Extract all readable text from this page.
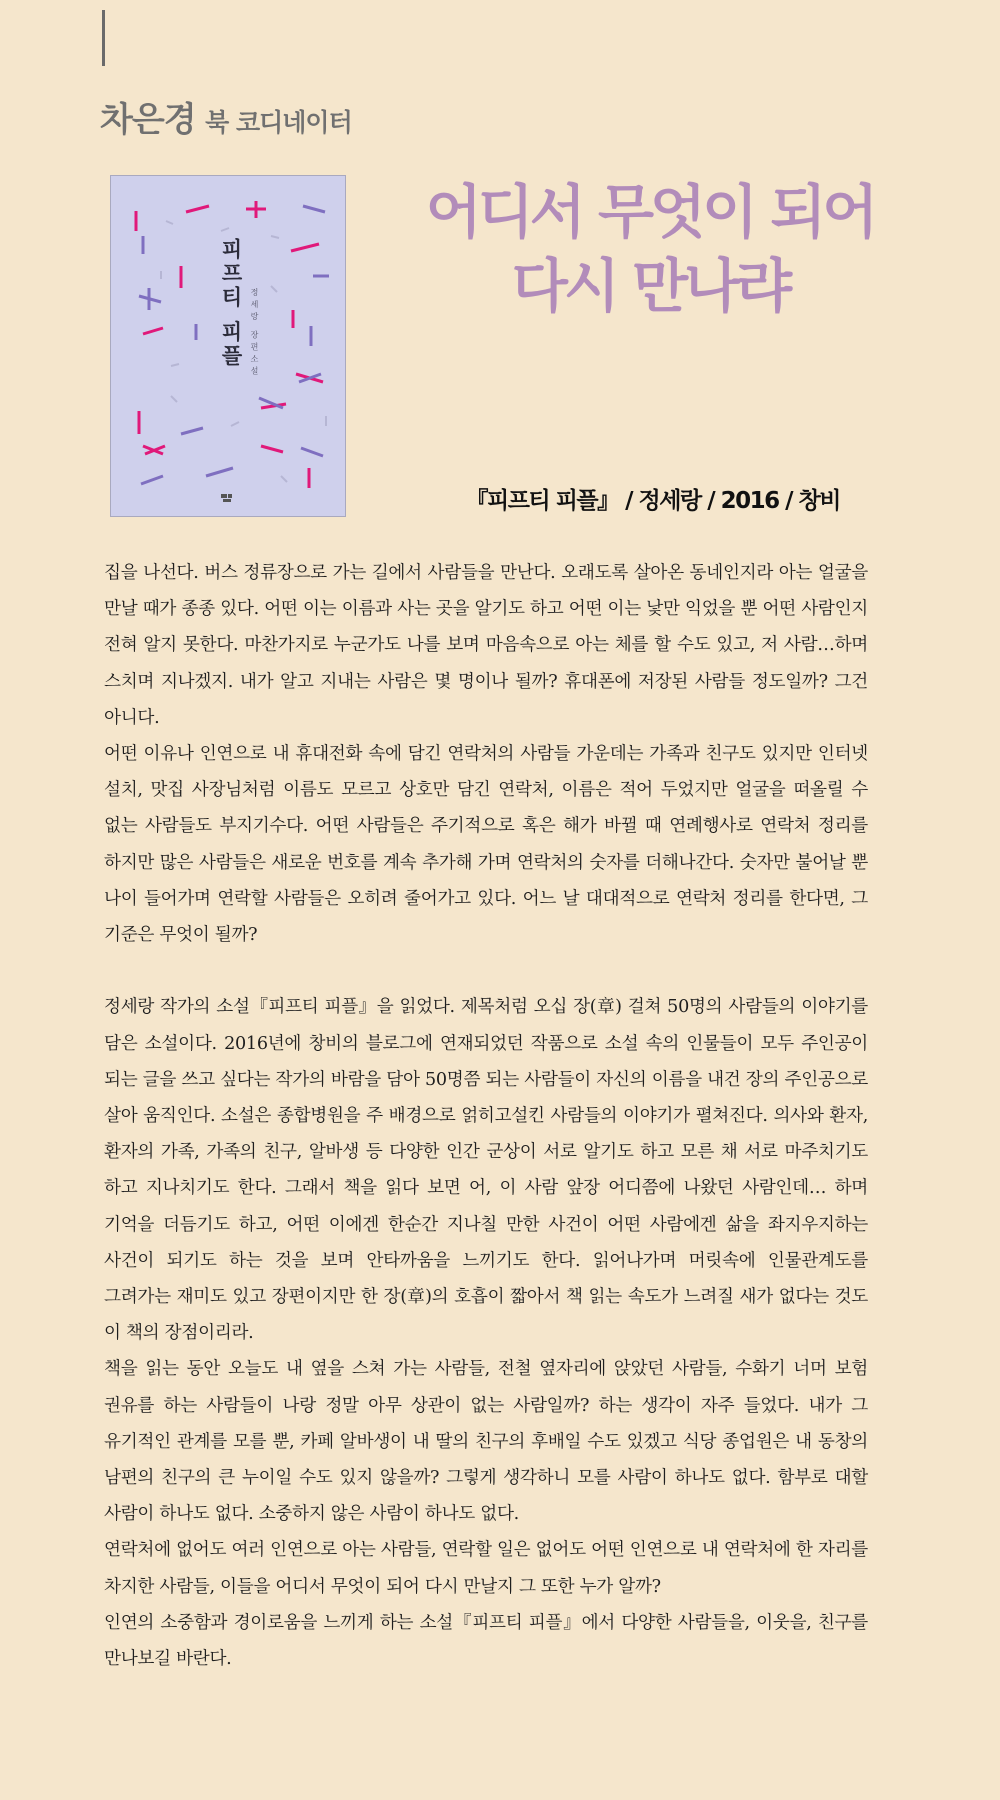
차은경 북 코디네이터
피프티 피플 정세랑 장편소설
어디서 무엇이 되어
다시 만나랴
『피프티 피플』 / 정세랑 / 2016 / 창비

집을 나선다. 버스 정류장으로 가는 길에서 사람들을 만난다. 오래도록 살아온 동네인지라 아는 얼굴을 만날 때가 종종 있다. 어떤 이는 이름과 사는 곳을 알기도 하고 어떤 이는 낯만 익었을 뿐 어떤 사람인지 전혀 알지 못한다. 마찬가지로 누군가도 나를 보며 마음속으로 아는 체를 할 수도 있고, 저 사람…하며 스치며 지나겠지. 내가 알고 지내는 사람은 몇 명이나 될까? 휴대폰에 저장된 사람들 정도일까? 그건 아니다.

어떤 이유나 인연으로 내 휴대전화 속에 담긴 연락처의 사람들 가운데는 가족과 친구도 있지만 인터넷 설치, 맛집 사장님처럼 이름도 모르고 상호만 담긴 연락처, 이름은 적어 두었지만 얼굴을 떠올릴 수 없는 사람들도 부지기수다. 어떤 사람들은 주기적으로 혹은 해가 바뀔 때 연례행사로 연락처 정리를 하지만 많은 사람들은 새로운 번호를 계속 추가해 가며 연락처의 숫자를 더해나간다. 숫자만 불어날 뿐 나이 들어가며 연락할 사람들은 오히려 줄어가고 있다. 어느 날 대대적으로 연락처 정리를 한다면, 그 기준은 무엇이 될까?

정세랑 작가의 소설『피프티 피플』을 읽었다. 제목처럼 오십 장(章) 걸쳐 50명의 사람들의 이야기를 담은 소설이다. 2016년에 창비의 블로그에 연재되었던 작품으로 소설 속의 인물들이 모두 주인공이 되는 글을 쓰고 싶다는 작가의 바람을 담아 50명쯤 되는 사람들이 자신의 이름을 내건 장의 주인공으로 살아 움직인다. 소설은 종합병원을 주 배경으로 얽히고설킨 사람들의 이야기가 펼쳐진다. 의사와 환자, 환자의 가족, 가족의 친구, 알바생 등 다양한 인간 군상이 서로 알기도 하고 모른 채 서로 마주치기도 하고 지나치기도 한다. 그래서 책을 읽다 보면 어, 이 사람 앞장 어디쯤에 나왔던 사람인데… 하며 기억을 더듬기도 하고, 어떤 이에겐 한순간 지나칠 만한 사건이 어떤 사람에겐 삶을 좌지우지하는 사건이 되기도 하는 것을 보며 안타까움을 느끼기도 한다. 읽어나가며 머릿속에 인물관계도를 그려가는 재미도 있고 장편이지만 한 장(章)의 호흡이 짧아서 책 읽는 속도가 느려질 새가 없다는 것도 이 책의 장점이리라.

책을 읽는 동안 오늘도 내 옆을 스쳐 가는 사람들, 전철 옆자리에 앉았던 사람들, 수화기 너머 보험 권유를 하는 사람들이 나랑 정말 아무 상관이 없는 사람일까? 하는 생각이 자주 들었다. 내가 그 유기적인 관계를 모를 뿐, 카페 알바생이 내 딸의 친구의 후배일 수도 있겠고 식당 종업원은 내 동창의 남편의 친구의 큰 누이일 수도 있지 않을까? 그렇게 생각하니 모를 사람이 하나도 없다. 함부로 대할 사람이 하나도 없다. 소중하지 않은 사람이 하나도 없다.

연락처에 없어도 여러 인연으로 아는 사람들, 연락할 일은 없어도 어떤 인연으로 내 연락처에 한 자리를 차지한 사람들, 이들을 어디서 무엇이 되어 다시 만날지 그 또한 누가 알까?

인연의 소중함과 경이로움을 느끼게 하는 소설『피프티 피플』에서 다양한 사람들을, 이웃을, 친구를 만나보길 바란다.
